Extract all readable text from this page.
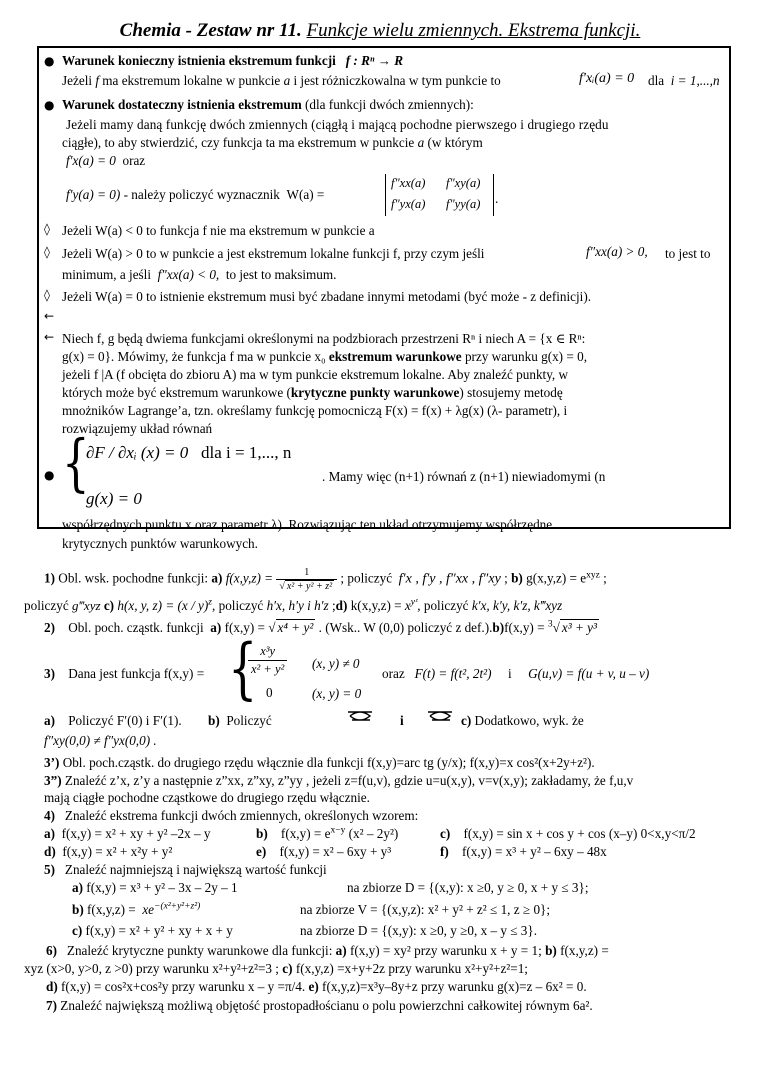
Chemia - Zestaw nr 11. Funkcje wielu zmiennych. Ekstrema funkcji.
●
●
◊
◊
◊
←
←
●
Warunek konieczny istnienia ekstremum funkcji f : Rⁿ → R
Jeżeli f ma ekstremum lokalne w punkcie a i jest różniczkowalna w tym punkcie to	f′xᵢ(a) = 0 dla i = 1,...,n
Warunek dostateczny istnienia ekstremum (dla funkcji dwóch zmiennych):
Jeżeli mamy daną funkcję dwóch zmiennych (ciągłą i mającą pochodne pierwszego i drugiego rzędu
ciągłe), to aby stwierdzić, czy funkcja ta ma ekstremum w punkcie a (w którym
f′x(a) = 0 oraz
f′y(a) = 0) - należy policzyć wyznacznik W(a) =
f″xx(a) f″xy(a)
f″yx(a) f″yy(a) .
Jeżeli W(a) < 0 to funkcja f nie ma ekstremum w punkcie a
Jeżeli W(a) > 0 to w punkcie a jest ekstremum lokalne funkcji f, przy czym jeśli	f″xx(a) > 0, to jest to
minimum, a jeśli f″xx(a) < 0, to jest to maksimum.
Jeżeli W(a) = 0 to istnienie ekstremum musi być zbadane innymi metodami (być może - z definicji).
Niech f, g będą dwiema funkcjami określonymi na podzbiorach przestrzeni Rⁿ i niech A = {x ∈ Rⁿ:
g(x) = 0}. Mówimy, że funkcja f ma w punkcie x₀ ekstremum warunkowe przy warunku g(x) = 0,
jeżeli f |A (f obcięta do zbioru A) ma w tym punkcie ekstremum lokalne. Aby znaleźć punkty, w
których może być ekstremum warunkowe (krytyczne punkty warunkowe) stosujemy metodę
mnożników Lagrange’a, tzn. określamy funkcję pomocniczą F(x) = f(x) + λg(x) (λ- parametr), i
rozwiązujemy układ równań
{
∂F / ∂xᵢ (x) = 0 dla i = 1,..., n
g(x) = 0
. Mamy więc (n+1) równań z (n+1) niewiadomymi (n
współrzędnych punktu x oraz parametr λ). Rozwiązując ten układ otrzymujemy współrzędne
krytycznych punktów warunkowych.
1) Obl. wsk. pochodne funkcji: a) $f(x,y,z) = \frac{1}{\text{√ x² + y² + z²}}$ ; policzyć f′x , f′y , f″xx , f″xy ; b) $g(x,y,z) = e^{xyz}$ ;
policzyć g‴xyz c) h(x, y, z) = (x / y)$^z$, policzyć h′x, h′y i h′z ;d) $k(x,y,z) = x^{yᶻ}$, policzyć k′x, k′y, k′z, k‴xyz
2) Obl. poch. cząstk. funkcji a) f(x,y) = √ x⁴ + y² . (Wsk.. W (0,0) policzyć z def.).b)f(x,y) = $^3$√ x³ + y³
3) Dana jest funkcja f(x,y) = {
$\frac{\text{x³y}}{\text{x² + y²}} (x$, y) ≠ 0
0	(x, y) = 0
oraz F(t) = f(t², 2t²) i G(u,v) = f(u + v, u – v)
a) Policzyć F′(0) i F′(1). b) Policzyć	i	c) Dodatkowo, wyk. że
f″xy(0,0) ≠ f″yx(0,0) .
3’) Obl. poch.cząstk. do drugiego rzędu włącznie dla funkcji f(x,y)=arc tg (y/x); f(x,y)=x cos²(x+2y+z²).
3”) Znaleźć z’x, z’y a następnie z”xx, z”xy, z”yy , jeżeli z=f(u,v), gdzie u=u(x,y), v=v(x,y); zakładamy, że f,u,v
mają ciągłe pochodne cząstkowe do drugiego rzędu włącznie.
4) Znaleźć ekstrema funkcji dwóch zmiennych, określonych wzorem:
a) f(x,y) = x² + xy + y² –2x – y	b) $f(x,y) = e^{x-y}$ (x² – 2y²)	c) f(x,y) = sin x + cos y + cos (x–y) 0<x,y<π/2
d) f(x,y) = x² + x²y + y²	e) f(x,y) = x² – 6xy + y³	f) f(x,y) = x³ + y² – 6xy – 48x
5) Znaleźć najmniejszą i największą wartość funkcji
a) f(x,y) = x³ + y² – 3x – 2y – 1	na zbiorze D = {(x,y): x ≥0, y ≥ 0, x + y ≤ 3};
b) $f(x,y,z) = xe^{-(x^2+y^2+z^2)}$	na zbiorze V = {(x,y,z): x² + y² + z² ≤ 1, z ≥ 0};
c) f(x,y) = x² + y² + xy + x + y	na zbiorze D = {(x,y): x ≥0, y ≥0, x – y ≤ 3}.
6) Znaleźć krytyczne punkty warunkowe dla funkcji: a) f(x,y) = xy² przy warunku x + y = 1; b) f(x,y,z) =
xyz (x>0, y>0, z >0) przy warunku x²+y²+z²=3 ; c) f(x,y,z) =x+y+2z przy warunku x²+y²+z²=1;
d) f(x,y) = cos²x+cos²y przy warunku x – y =π/4. e) f(x,y,z)=x³y–8y+z przy warunku g(x)=z – 6x² = 0.
7) Znaleźć największą możliwą objętość prostopadłościanu o polu powierzchni całkowitej równym 6a².
